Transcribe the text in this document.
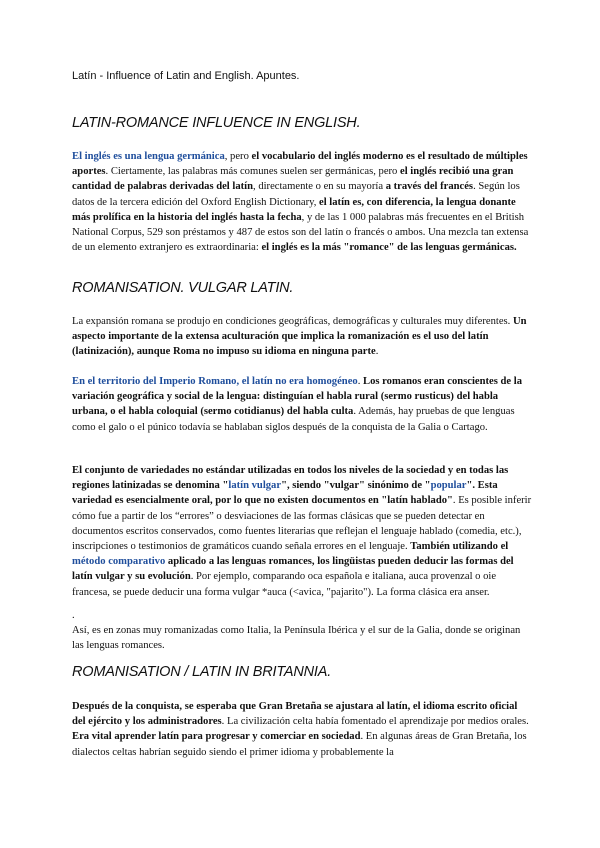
Latín - Influence of Latin and English. Apuntes.
LATIN-ROMANCE INFLUENCE IN ENGLISH.
El inglés es una lengua germánica, pero el vocabulario del inglés moderno es el resultado de múltiples aportes. Ciertamente, las palabras más comunes suelen ser germánicas, pero el inglés recibió una gran cantidad de palabras derivadas del latín, directamente o en su mayoría a través del francés. Según los datos de la tercera edición del Oxford English Dictionary, el latín es, con diferencia, la lengua donante más prolífica en la historia del inglés hasta la fecha, y de las 1 000 palabras más frecuentes en el British National Corpus, 529 son préstamos y 487 de estos son del latín o francés o ambos. Una mezcla tan extensa de un elemento extranjero es extraordinaria: el inglés es la más "romance" de las lenguas germánicas.
ROMANISATION. VULGAR LATIN.
La expansión romana se produjo en condiciones geográficas, demográficas y culturales muy diferentes. Un aspecto importante de la extensa aculturación que implica la romanización es el uso del latín (latinización), aunque Roma no impuso su idioma en ninguna parte.
En el territorio del Imperio Romano, el latín no era homogéneo. Los romanos eran conscientes de la variación geográfica y social de la lengua: distinguían el habla rural (sermo rusticus) del habla urbana, o el habla coloquial (sermo cotidianus) del habla culta. Además, hay pruebas de que lenguas como el galo o el púnico todavía se hablaban siglos después de la conquista de la Galia o Cartago.
El conjunto de variedades no estándar utilizadas en todos los niveles de la sociedad y en todas las regiones latinizadas se denomina "latín vulgar", siendo "vulgar" sinónimo de "popular". Esta variedad es esencialmente oral, por lo que no existen documentos en "latín hablado". Es posible inferir cómo fue a partir de los “errores” o desviaciones de las formas clásicas que se pueden detectar en documentos escritos conservados, como fuentes literarias que reflejan el lenguaje hablado (comedia, etc.), inscripciones o testimonios de gramáticos cuando señala errores en el lenguaje. También utilizando el método comparativo aplicado a las lenguas romances, los lingüistas pueden deducir las formas del latín vulgar y su evolución. Por ejemplo, comparando oca española e italiana, auca provenzal o oie francesa, se puede deducir una forma vulgar *auca (<avica, "pajarito"). La forma clásica era anser.
.
Así, es en zonas muy romanizadas como Italia, la Península Ibérica y el sur de la Galia, donde se originan las lenguas romances.
ROMANISATION / LATIN IN BRITANNIA.
Después de la conquista, se esperaba que Gran Bretaña se ajustara al latín, el idioma escrito oficial del ejército y los administradores. La civilización celta había fomentado el aprendizaje por medios orales. Era vital aprender latín para progresar y comerciar en sociedad. En algunas áreas de Gran Bretaña, los dialectos celtas habrían seguido siendo el primer idioma y probablemente la
